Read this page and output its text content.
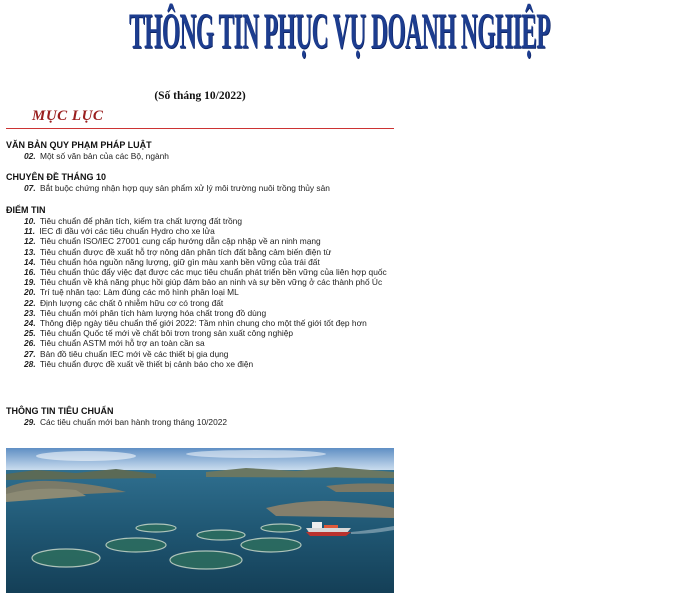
THÔNG TIN PHỤC VỤ DOANH NGHIỆP
(Số tháng 10/2022)
MỤC LỤC
VĂN BẢN QUY PHẠM PHÁP LUẬT
02. Một số văn bản của các Bộ, ngành
CHUYÊN ĐỀ THÁNG 10
07. Bắt buộc chứng nhận hợp quy sản phẩm xử lý môi trường nuôi trồng thủy sản
ĐIỂM TIN
10. Tiêu chuẩn để phân tích, kiểm tra chất lượng đất trồng
11. IEC đi đầu với các tiêu chuẩn Hydro cho xe lửa
12. Tiêu chuẩn ISO/IEC 27001 cung cấp hướng dẫn cập nhập về an ninh mạng
13. Tiêu chuẩn được đề xuất hỗ trợ nông dân phân tích đất bằng cảm biến điện từ
14. Tiêu chuẩn hóa nguồn năng lượng, giữ gìn màu xanh bền vững của trái đất
16. Tiêu chuẩn thúc đẩy việc đạt được các mục tiêu chuẩn phát triển bền vững của liên hợp quốc
19. Tiêu chuẩn về khả năng phục hồi giúp đảm bảo an ninh và sự bền vững ở các thành phố Úc
20. Trí tuệ nhân tạo: Làm đúng các mô hình phân loại ML
22. Định lượng các chất ô nhiễm hữu cơ có trong đất
23. Tiêu chuẩn mới phân tích hàm lượng hóa chất trong đồ dùng
24. Thông điệp ngày tiêu chuẩn thế giới 2022: Tầm nhìn chung cho một thế giới tốt đẹp hơn
25. Tiêu chuẩn Quốc tế mới về chất bôi trơn trong sản xuất công nghiệp
26. Tiêu chuẩn ASTM mới hỗ trợ an toàn cần sa
27. Bản đồ tiêu chuẩn IEC mới về các thiết bị gia dụng
28. Tiêu chuẩn được đề xuất về thiết bị cảnh báo cho xe điện
THÔNG TIN TIÊU CHUẨN
29. Các tiêu chuẩn mới ban hành trong tháng 10/2022
